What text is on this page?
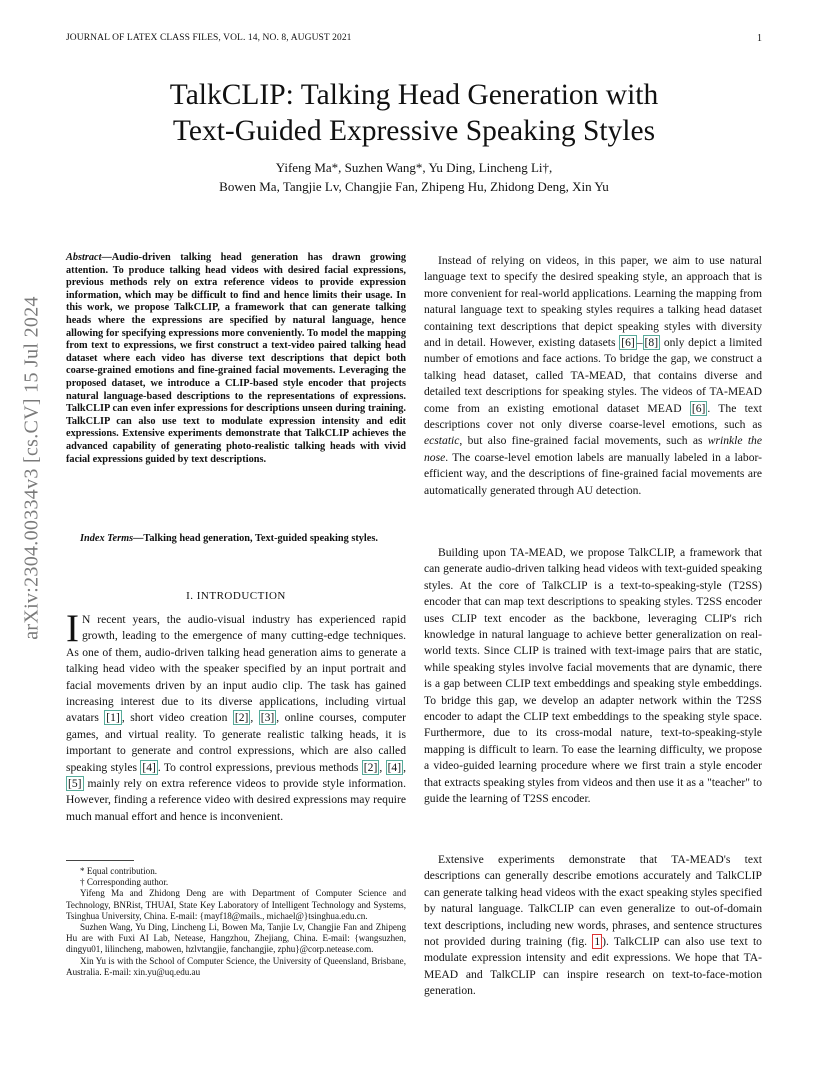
JOURNAL OF LATEX CLASS FILES, VOL. 14, NO. 8, AUGUST 2021	1
arXiv:2304.00334v3 [cs.CV] 15 Jul 2024
TalkCLIP: Talking Head Generation with
Text-Guided Expressive Speaking Styles
Yifeng Ma*, Suzhen Wang*, Yu Ding, Lincheng Li†,
Bowen Ma, Tangjie Lv, Changjie Fan, Zhipeng Hu, Zhidong Deng, Xin Yu
Abstract—Audio-driven talking head generation has drawn growing attention. To produce talking head videos with desired facial expressions, previous methods rely on extra reference videos to provide expression information, which may be difficult to find and hence limits their usage. In this work, we propose TalkCLIP, a framework that can generate talking heads where the expressions are specified by natural language, hence allowing for specifying expressions more conveniently. To model the mapping from text to expressions, we first construct a text-video paired talking head dataset where each video has diverse text descriptions that depict both coarse-grained emotions and fine-grained facial movements. Leveraging the proposed dataset, we introduce a CLIP-based style encoder that projects natural language-based descriptions to the representations of expressions. TalkCLIP can even infer expressions for descriptions unseen during training. TalkCLIP can also use text to modulate expression intensity and edit expressions. Extensive experiments demonstrate that TalkCLIP achieves the advanced capability of generating photo-realistic talking heads with vivid facial expressions guided by text descriptions.
Index Terms—Talking head generation, Text-guided speaking styles.
I. INTRODUCTION
I N recent years, the audio-visual industry has experienced rapid growth, leading to the emergence of many cutting-edge techniques. As one of them, audio-driven talking head generation aims to generate a talking head video with the speaker specified by an input portrait and facial movements driven by an input audio clip. The task has gained increasing interest due to its diverse applications, including virtual avatars [1] , short video creation [2] , [3] , online courses, computer games, and virtual reality. To generate realistic talking heads, it is important to generate and control expressions, which are also called speaking styles [4] . To control expressions, previous methods [2] , [4] , [5] mainly rely on extra reference videos to provide style information. However, finding a reference video with desired expressions may require much manual effort and hence is inconvenient.

* Equal contribution.

† Corresponding author.

Yifeng Ma and Zhidong Deng are with Department of Computer Science and Technology, BNRist, THUAI, State Key Laboratory of Intelligent Technology and Systems, Tsinghua University, China. E-mail: {mayf18@mails., michael@}tsinghua.edu.cn.

Suzhen Wang, Yu Ding, Lincheng Li, Bowen Ma, Tanjie Lv, Changjie Fan and Zhipeng Hu are with Fuxi AI Lab, Netease, Hangzhou, Zhejiang, China. E-mail: {wangsuzhen, dingyu01, lilincheng, mabowen, hzlvtangjie, fanchangjie, zphu}@corp.netease.com.

Xin Yu is with the School of Computer Science, the University of Queensland, Brisbane, Australia. E-mail: xin.yu@uq.edu.au

Instead of relying on videos, in this paper, we aim to use natural language text to specify the desired speaking style, an approach that is more convenient for real-world applications. Learning the mapping from natural language text to speaking styles requires a talking head dataset containing text descriptions that depict speaking styles with diversity and in detail. However, existing datasets [6] – [8] only depict a limited number of emotions and face actions. To bridge the gap, we construct a talking head dataset, called TA-MEAD, that contains diverse and detailed text descriptions for speaking styles. The videos of TA-MEAD come from an existing emotional dataset MEAD [6] . The text descriptions cover not only diverse coarse-level emotions, such as ecstatic, but also fine-grained facial movements, such as wrinkle the nose. The coarse-level emotion labels are manually labeled in a labor-efficient way, and the descriptions of fine-grained facial movements are automatically generated through AU detection.

Building upon TA-MEAD, we propose TalkCLIP, a framework that can generate audio-driven talking head videos with text-guided speaking styles. At the core of TalkCLIP is a text-to-speaking-style (T2SS) encoder that can map text descriptions to speaking styles. T2SS encoder uses CLIP text encoder as the backbone, leveraging CLIP's rich knowledge in natural language to achieve better generalization on real-world texts. Since CLIP is trained with text-image pairs that are static, while speaking styles involve facial movements that are dynamic, there is a gap between CLIP text embeddings and speaking style embeddings. To bridge this gap, we develop an adapter network within the T2SS encoder to adapt the CLIP text embeddings to the speaking style space. Furthermore, due to its cross-modal nature, text-to-speaking-style mapping is difficult to learn. To ease the learning difficulty, we propose a video-guided learning procedure where we first train a style encoder that extracts speaking styles from videos and then use it as a "teacher" to guide the learning of T2SS encoder.

Extensive experiments demonstrate that TA-MEAD's text descriptions can generally describe emotions accurately and TalkCLIP can generate talking head videos with the exact speaking styles specified by natural language. TalkCLIP can even generalize to out-of-domain text descriptions, including new words, phrases, and sentence structures not provided during training (fig. 1 ). TalkCLIP can also use text to modulate expression intensity and edit expressions. We hope that TA-MEAD and TalkCLIP can inspire research on text-to-face-motion generation.
